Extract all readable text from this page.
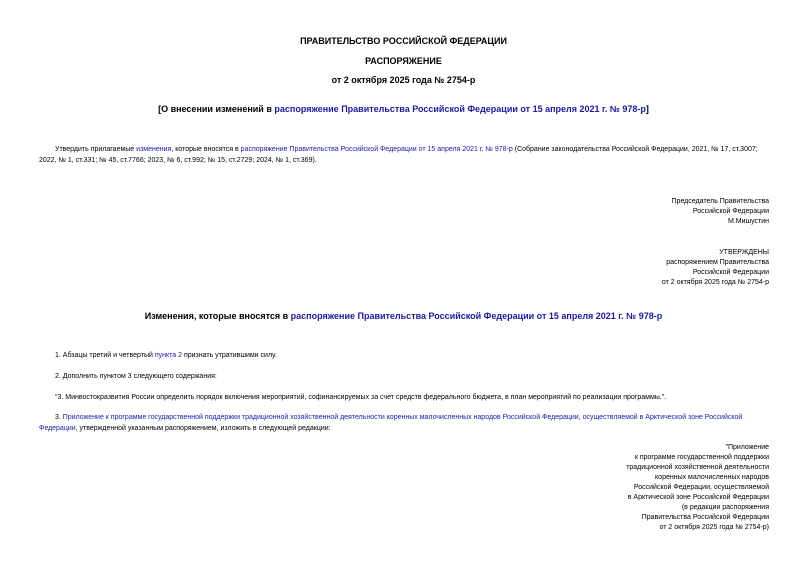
ПРАВИТЕЛЬСТВО РОССИЙСКОЙ ФЕДЕРАЦИИ
РАСПОРЯЖЕНИЕ
от 2 октября 2025 года № 2754-р
[О внесении изменений в распоряжение Правительства Российской Федерации от 15 апреля 2021 г. № 978-р]
Утвердить прилагаемые изменения, которые вносятся в распоряжение Правительства Российской Федерации от 15 апреля 2021 г. № 978-р (Собрание законодательства Российской Федерации, 2021, № 17, ст.3007; 2022, № 1, ст.331; № 45, ст.7766; 2023, № 6, ст.992; № 15, ст.2729; 2024, № 1, ст.369).
Председатель Правительства
Российской Федерации
М.Мишустин
УТВЕРЖДЕНЫ
распоряжением Правительства
Российской Федерации
от 2 октября 2025 года № 2754-р
Изменения, которые вносятся в распоряжение Правительства Российской Федерации от 15 апреля 2021 г. № 978-р
1. Абзацы третий и четвертый пункта 2 признать утратившими силу.
2. Дополнить пунктом 3 следующего содержания:
"3. Минвостокразвития России определить порядок включения мероприятий, софинансируемых за счет средств федерального бюджета, в план мероприятий по реализации программы.".
3. Приложение к программе государственной поддержки традиционной хозяйственной деятельности коренных малочисленных народов Российской Федерации, осуществляемой в Арктической зоне Российской Федерации, утвержденной указанным распоряжением, изложить в следующей редакции:
"Приложение
к программе государственной поддержки
традиционной хозяйственной деятельности
коренных малочисленных народов
Российской Федерации, осуществляемой
в Арктической зоне Российской Федерации
(в редакции распоряжения
Правительства Российской Федерации
от 2 октября 2025 года № 2754-р)
